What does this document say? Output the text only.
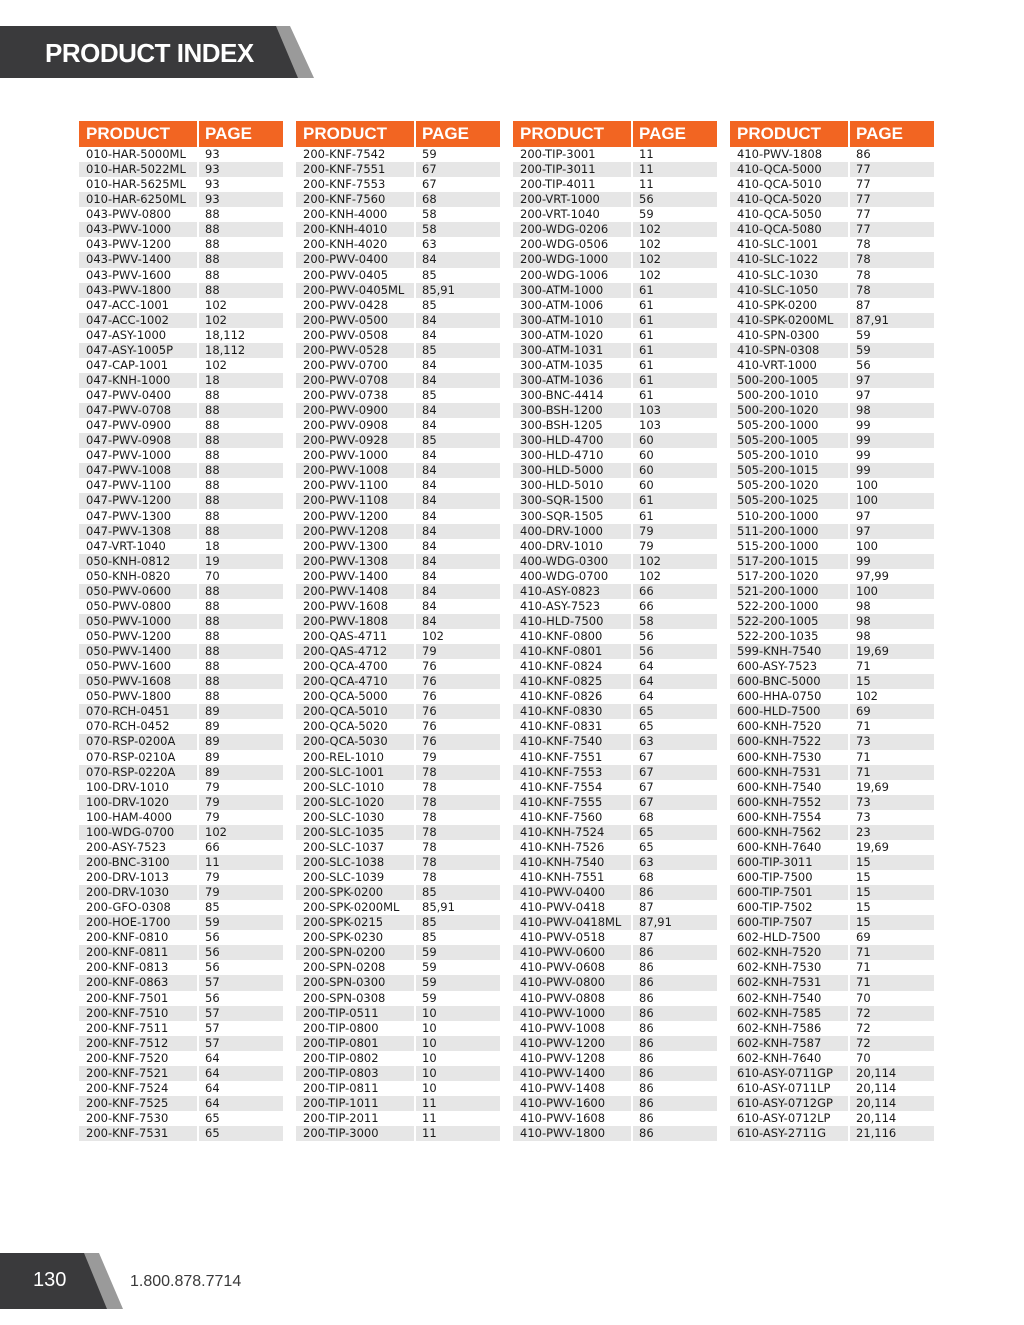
PRODUCT INDEX
PRODUCT PAGE
010-HAR-5000ML 93
010-HAR-5022ML 93
010-HAR-5625ML 93
010-HAR-6250ML 93
043-PWV-0800	88
043-PWV-1000	88
043-PWV-1200	88
043-PWV-1400	88
043-PWV-1600	88
043-PWV-1800	88
047-ACC-1001	102
047-ACC-1002	102
047-ASY-1000	18,112
047-ASY-1005P	18,112
047-CAP-1001	102
047-KNH-1000	18
047-PWV-0400	88
047-PWV-0708	88
047-PWV-0900	88
047-PWV-0908	88
047-PWV-1000	88
047-PWV-1008	88
047-PWV-1100	88
047-PWV-1200	88
047-PWV-1300	88
047-PWV-1308	88
047-VRT-1040	18
050-KNH-0812	19
050-KNH-0820	70
050-PWV-0600	88
050-PWV-0800	88
050-PWV-1000	88
050-PWV-1200	88
050-PWV-1400	88
050-PWV-1600	88
050-PWV-1608	88
050-PWV-1800	88
070-RCH-0451	89
070-RCH-0452	89
070-RSP-0200A	89
070-RSP-0210A	89
070-RSP-0220A	89
100-DRV-1010	79
100-DRV-1020	79
100-HAM-4000	79
100-WDG-0700	102
200-ASY-7523	66
200-BNC-3100	11
200-DRV-1013	79
200-DRV-1030	79
200-GFO-0308	85
200-HOE-1700	59
200-KNF-0810	56
200-KNF-0811	56
200-KNF-0813	56
200-KNF-0863	57
200-KNF-7501	56
200-KNF-7510	57
200-KNF-7511	57
200-KNF-7512	57
200-KNF-7520	64
200-KNF-7521	64
200-KNF-7524	64
200-KNF-7525	64
200-KNF-7530	65
200-KNF-7531	65
PRODUCT PAGE
200-KNF-7542	59
200-KNF-7551	67
200-KNF-7553	67
200-KNF-7560	68
200-KNH-4000	58
200-KNH-4010	58
200-KNH-4020	63
200-PWV-0400	84
200-PWV-0405	85
200-PWV-0405ML 85,91
200-PWV-0428	85
200-PWV-0500	84
200-PWV-0508	84
200-PWV-0528	85
200-PWV-0700	84
200-PWV-0708	84
200-PWV-0738	85
200-PWV-0900	84
200-PWV-0908	84
200-PWV-0928	85
200-PWV-1000	84
200-PWV-1008	84
200-PWV-1100	84
200-PWV-1108	84
200-PWV-1200	84
200-PWV-1208	84
200-PWV-1300	84
200-PWV-1308	84
200-PWV-1400	84
200-PWV-1408	84
200-PWV-1608	84
200-PWV-1808	84
200-QAS-4711	102
200-QAS-4712	79
200-QCA-4700	76
200-QCA-4710	76
200-QCA-5000	76
200-QCA-5010	76
200-QCA-5020	76
200-QCA-5030	76
200-REL-1010	79
200-SLC-1001	78
200-SLC-1010	78
200-SLC-1020	78
200-SLC-1030	78
200-SLC-1035	78
200-SLC-1037	78
200-SLC-1038	78
200-SLC-1039	78
200-SPK-0200	85
200-SPK-0200ML 85,91
200-SPK-0215	85
200-SPK-0230	85
200-SPN-0200	59
200-SPN-0208	59
200-SPN-0300	59
200-SPN-0308	59
200-TIP-0511	10
200-TIP-0800	10
200-TIP-0801	10
200-TIP-0802	10
200-TIP-0803	10
200-TIP-0811	10
200-TIP-1011	11
200-TIP-2011	11
200-TIP-3000	11
PRODUCT PAGE
200-TIP-3001	11
200-TIP-3011	11
200-TIP-4011	11
200-VRT-1000	56
200-VRT-1040	59
200-WDG-0206	102
200-WDG-0506	102
200-WDG-1000	102
200-WDG-1006	102
300-ATM-1000	61
300-ATM-1006	61
300-ATM-1010	61
300-ATM-1020	61
300-ATM-1031	61
300-ATM-1035	61
300-ATM-1036	61
300-BNC-4414	61
300-BSH-1200	103
300-BSH-1205	103
300-HLD-4700	60
300-HLD-4710	60
300-HLD-5000	60
300-HLD-5010	60
300-SQR-1500	61
300-SQR-1505	61
400-DRV-1000	79
400-DRV-1010	79
400-WDG-0300	102
400-WDG-0700	102
410-ASY-0823	66
410-ASY-7523	66
410-HLD-7500	58
410-KNF-0800	56
410-KNF-0801	56
410-KNF-0824	64
410-KNF-0825	64
410-KNF-0826	64
410-KNF-0830	65
410-KNF-0831	65
410-KNF-7540	63
410-KNF-7551	67
410-KNF-7553	67
410-KNF-7554	67
410-KNF-7555	67
410-KNF-7560	68
410-KNH-7524	65
410-KNH-7526	65
410-KNH-7540	63
410-KNH-7551	68
410-PWV-0400	86
410-PWV-0418	87
410-PWV-0418ML 87,91
410-PWV-0518	87
410-PWV-0600	86
410-PWV-0608	86
410-PWV-0800	86
410-PWV-0808	86
410-PWV-1000	86
410-PWV-1008	86
410-PWV-1200	86
410-PWV-1208	86
410-PWV-1400	86
410-PWV-1408	86
410-PWV-1600	86
410-PWV-1608	86
410-PWV-1800	86
PRODUCT PAGE
410-PWV-1808	86
410-QCA-5000	77
410-QCA-5010	77
410-QCA-5020	77
410-QCA-5050	77
410-QCA-5080	77
410-SLC-1001	78
410-SLC-1022	78
410-SLC-1030	78
410-SLC-1050	78
410-SPK-0200	87
410-SPK-0200ML 87,91
410-SPN-0300	59
410-SPN-0308	59
410-VRT-1000	56
500-200-1005	97
500-200-1010	97
500-200-1020	98
505-200-1000	99
505-200-1005	99
505-200-1010	99
505-200-1015	99
505-200-1020	100
505-200-1025	100
510-200-1000	97
511-200-1000	97
515-200-1000	100
517-200-1015	99
517-200-1020	97,99
521-200-1000	100
522-200-1000	98
522-200-1005	98
522-200-1035	98
599-KNH-7540	19,69
600-ASY-7523	71
600-BNC-5000	15
600-HHA-0750	102
600-HLD-7500	69
600-KNH-7520	71
600-KNH-7522	73
600-KNH-7530	71
600-KNH-7531	71
600-KNH-7540	19,69
600-KNH-7552	73
600-KNH-7554	73
600-KNH-7562	23
600-KNH-7640	19,69
600-TIP-3011	15
600-TIP-7500	15
600-TIP-7501	15
600-TIP-7502	15
600-TIP-7507	15
602-HLD-7500	69
602-KNH-7520	71
602-KNH-7530	71
602-KNH-7531	71
602-KNH-7540	70
602-KNH-7585	72
602-KNH-7586	72
602-KNH-7587	72
602-KNH-7640	70
610-ASY-0711GP 20,114
610-ASY-0711LP 20,114
610-ASY-0712GP 20,114
610-ASY-0712LP 20,114
610-ASY-2711G	21,116
130	1.800.878.7714
